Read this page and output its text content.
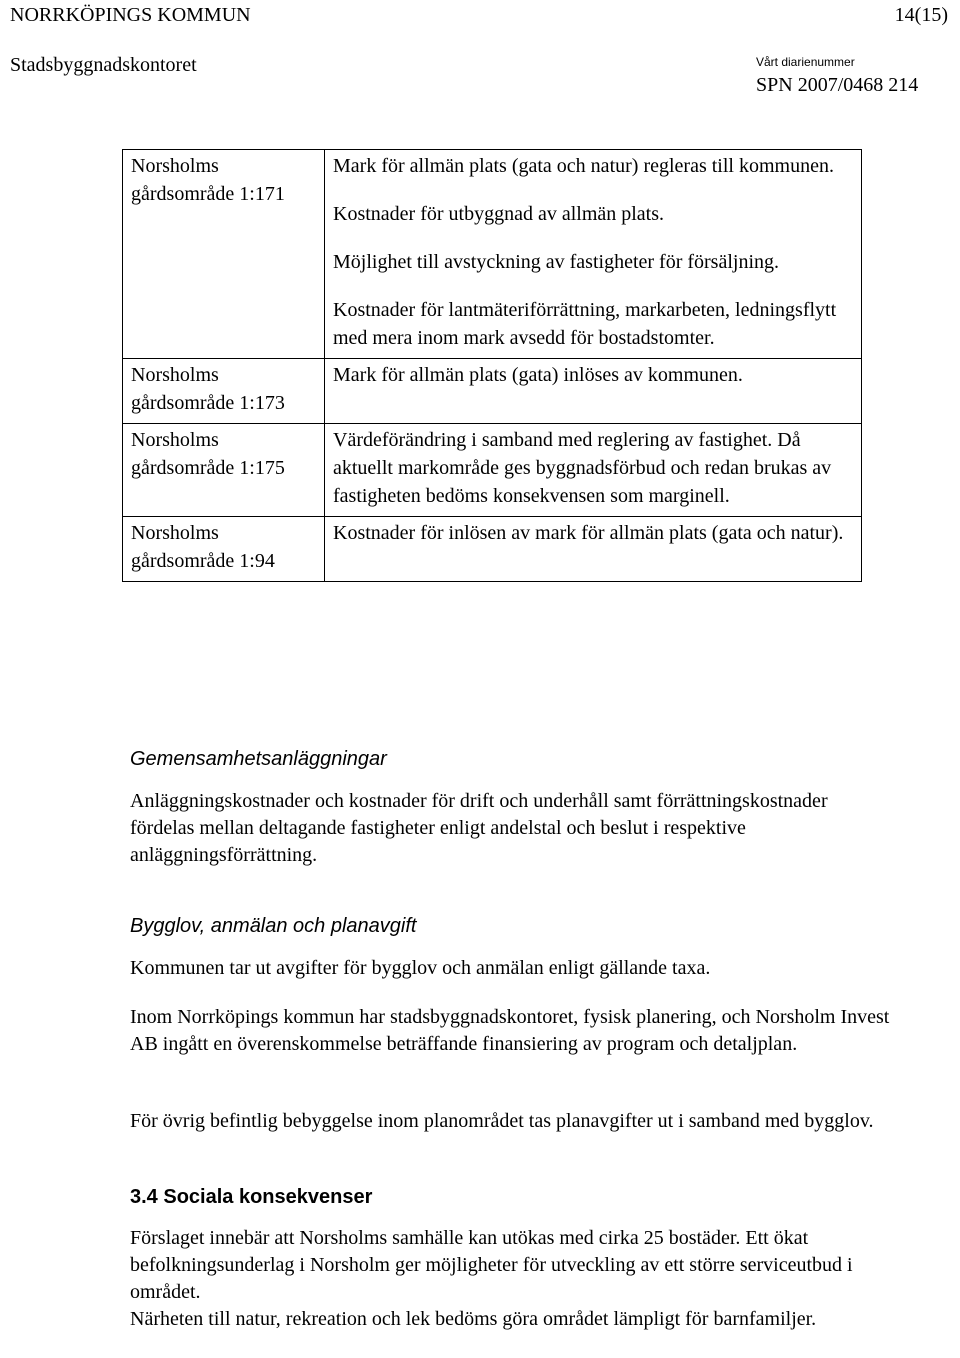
NORRKÖPINGS KOMMUN	14(15)
Stadsbyggnadskontoret	Vårt diarienummer
SPN 2007/0468 214
Norsholms gårdsområde 1:171	Mark för allmän plats (gata och natur) regleras till kommunen.

Kostnader för utbyggnad av allmän plats.

Möjlighet till avstyckning av fastigheter för försäljning.

Kostnader för lantmäteriförrättning, markarbeten, ledningsflytt med mera inom mark avsedd för bostadstomter.

Norsholms gårdsområde 1:173	Mark för allmän plats (gata) inlöses av kommunen.

Norsholms gårdsområde 1:175	Värdeförändring i samband med reglering av fastighet. Då aktuellt markområde ges byggnadsförbud och redan brukas av fastigheten bedöms konsekvensen som marginell.

Norsholms gårdsområde 1:94	Kostnader för inlösen av mark för allmän plats (gata och natur).

Gemensamhetsanläggningar

Anläggningskostnader och kostnader för drift och underhåll samt förrättningskostnader fördelas mellan deltagande fastigheter enligt andelstal och beslut i respektive anläggningsförrättning.

Bygglov, anmälan och planavgift

Kommunen tar ut avgifter för bygglov och anmälan enligt gällande taxa.

Inom Norrköpings kommun har stadsbyggnadskontoret, fysisk planering, och Norsholm Invest AB ingått en överenskommelse beträffande finansiering av program och detaljplan.

För övrig befintlig bebyggelse inom planområdet tas planavgifter ut i samband med bygglov.

3.4 Sociala konsekvenser

Förslaget innebär att Norsholms samhälle kan utökas med cirka 25 bostäder. Ett ökat befolkningsunderlag i Norsholm ger möjligheter för utveckling av ett större serviceutbud i området.

Närheten till natur, rekreation och lek bedöms göra området lämpligt för barnfamiljer.
